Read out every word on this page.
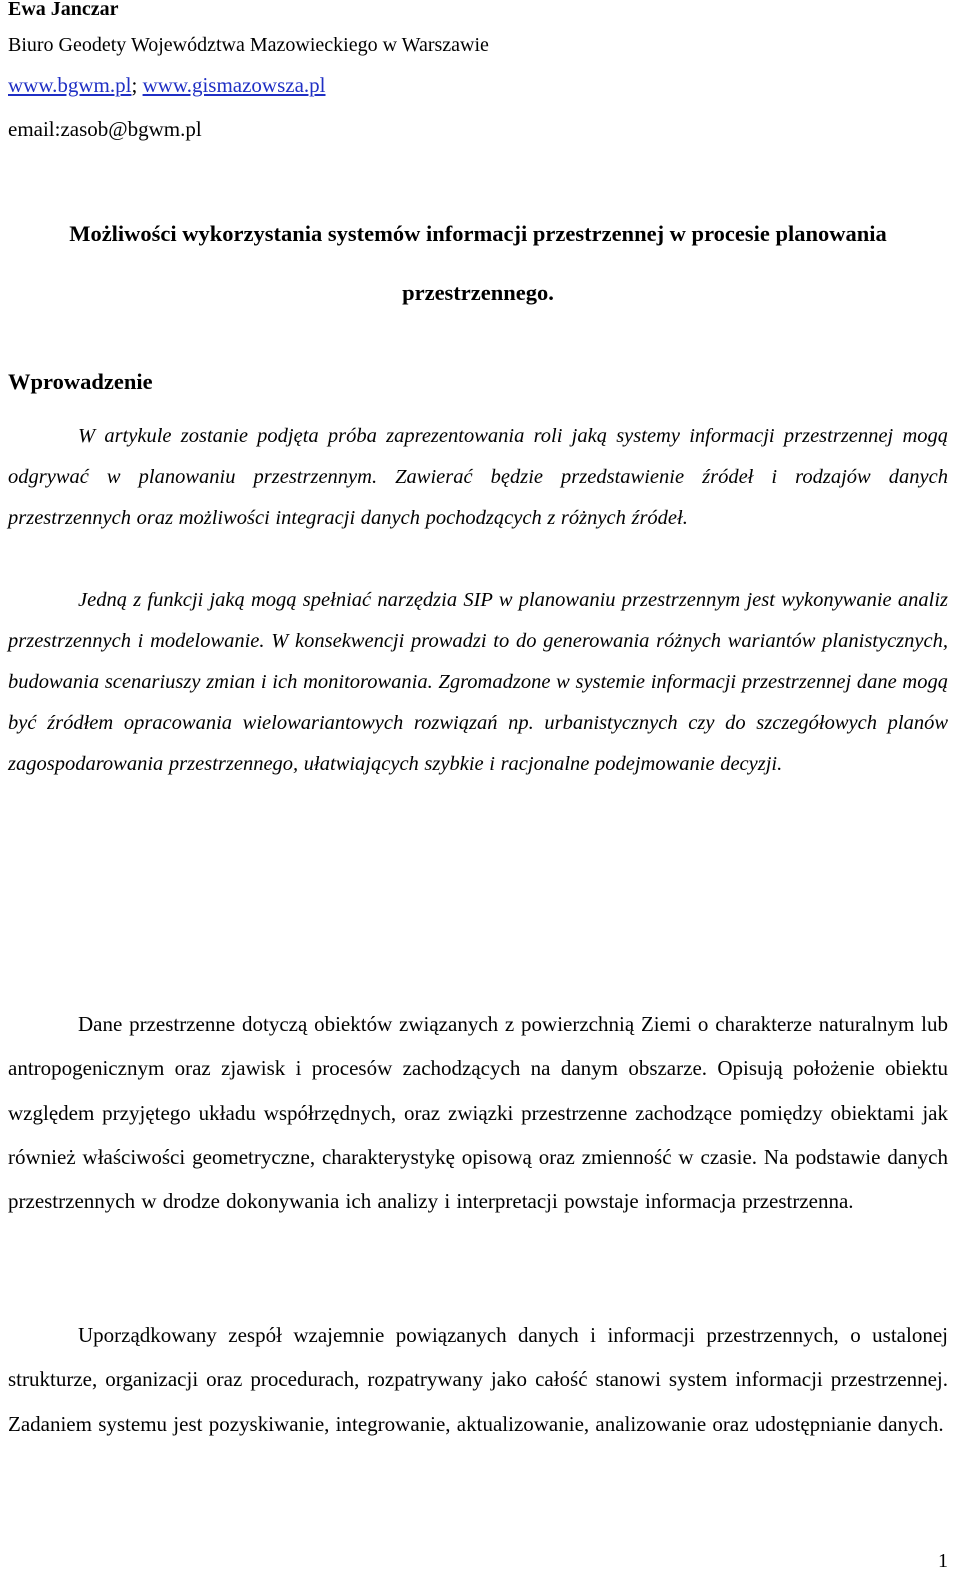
Ewa Janczar
Biuro Geodety Województwa Mazowieckiego w Warszawie
www.bgwm.pl; www.gismazowsza.pl
email:zasob@bgwm.pl
Możliwości wykorzystania systemów informacji przestrzennej w procesie planowania
przestrzennego.
Wprowadzenie

W artykule zostanie podjęta próba zaprezentowania roli jaką systemy informacji przestrzennej mogą odgrywać w planowaniu przestrzennym. Zawierać będzie przedstawienie źródeł i rodzajów danych przestrzennych oraz możliwości integracji danych pochodzących z różnych źródeł.

Jedną z funkcji jaką mogą spełniać narzędzia SIP w planowaniu przestrzennym jest wykonywanie analiz przestrzennych i modelowanie. W konsekwencji prowadzi to do generowania różnych wariantów planistycznych, budowania scenariuszy zmian i ich monitorowania. Zgromadzone w systemie informacji przestrzennej dane mogą być źródłem opracowania wielowariantowych rozwiązań np. urbanistycznych czy do szczegółowych planów zagospodarowania przestrzennego, ułatwiających szybkie i racjonalne podejmowanie decyzji.

Dane przestrzenne dotyczą obiektów związanych z powierzchnią Ziemi o charakterze naturalnym lub antropogenicznym oraz zjawisk i procesów zachodzących na danym obszarze. Opisują położenie obiektu względem przyjętego układu współrzędnych, oraz związki przestrzenne zachodzące pomiędzy obiektami jak również właściwości geometryczne, charakterystykę opisową oraz zmienność w czasie. Na podstawie danych przestrzennych w drodze dokonywania ich analizy i interpretacji powstaje informacja przestrzenna.

Uporządkowany zespół wzajemnie powiązanych danych i informacji przestrzennych, o ustalonej strukturze, organizacji oraz procedurach, rozpatrywany jako całość stanowi system informacji przestrzennej. Zadaniem systemu jest pozyskiwanie, integrowanie, aktualizowanie, analizowanie oraz udostępnianie danych.

1
